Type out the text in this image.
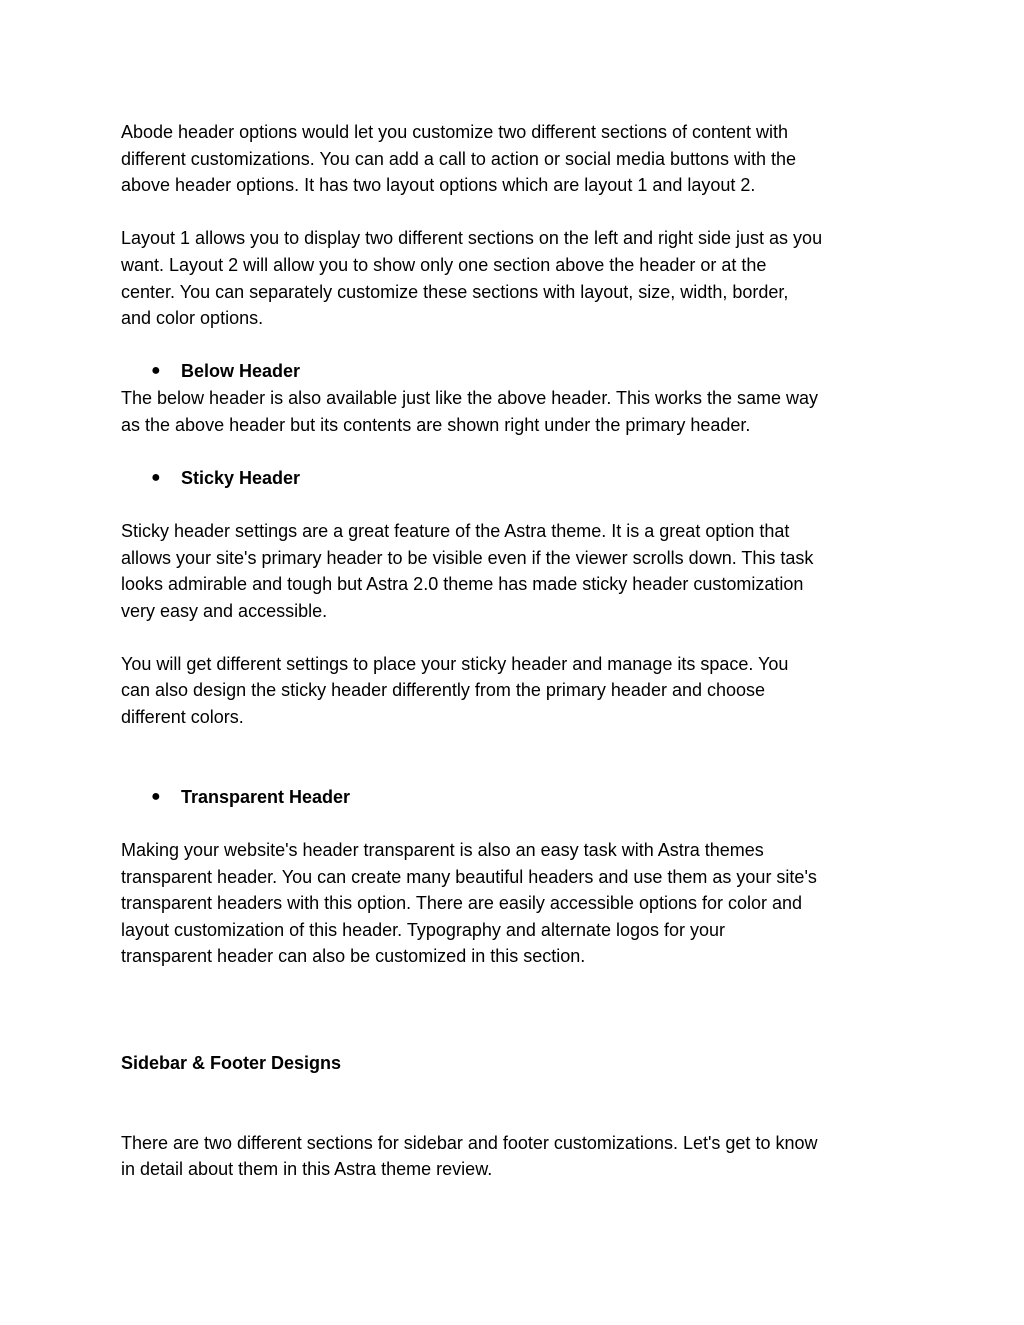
Abode header options would let you customize two different sections of content with
different customizations. You can add a call to action or social media buttons with the
above header options. It has two layout options which are layout 1 and layout 2.
Layout 1 allows you to display two different sections on the left and right side just as you
want. Layout 2 will allow you to show only one section above the header or at the
center. You can separately customize these sections with layout, size, width, border,
and color options.
● Below Header
The below header is also available just like the above header. This works the same way
as the above header but its contents are shown right under the primary header.
● Sticky Header
Sticky header settings are a great feature of the Astra theme. It is a great option that
allows your site's primary header to be visible even if the viewer scrolls down. This task
looks admirable and tough but Astra 2.0 theme has made sticky header customization
very easy and accessible.
You will get different settings to place your sticky header and manage its space. You
can also design the sticky header differently from the primary header and choose
different colors.
● Transparent Header
Making your website's header transparent is also an easy task with Astra themes
transparent header. You can create many beautiful headers and use them as your site's
transparent headers with this option. There are easily accessible options for color and
layout customization of this header. Typography and alternate logos for your
transparent header can also be customized in this section.
Sidebar & Footer Designs
There are two different sections for sidebar and footer customizations. Let's get to know
in detail about them in this Astra theme review.
